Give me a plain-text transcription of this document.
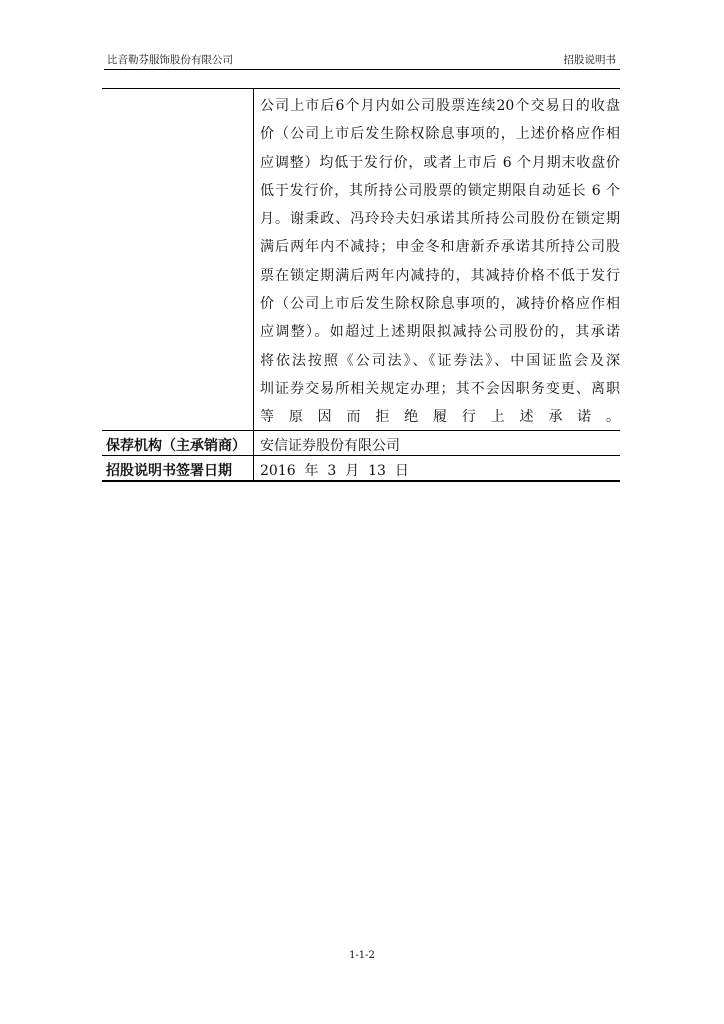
比音勒芬服饰股份有限公司	招股说明书
公司上市后6个月内如公司股票连续20个交易日的收盘
价（公司上市后发生除权除息事项的，上述价格应作相
应调整）均低于发行价，或者上市后 6 个月期末收盘价
低于发行价，其所持公司股票的锁定期限自动延长 6 个
月。谢秉政、冯玲玲夫妇承诺其所持公司股份在锁定期
满后两年内不减持；申金冬和唐新乔承诺其所持公司股
票在锁定期满后两年内减持的，其减持价格不低于发行
价（公司上市后发生除权除息事项的，减持价格应作相
应调整）。如超过上述期限拟减持公司股份的，其承诺
将依法按照《公司法》、《证券法》、中国证监会及深
圳证券交易所相关规定办理；其不会因职务变更、离职
等原因而拒绝履行上述承诺。
保荐机构（主承销商）	安信证券股份有限公司
招股说明书签署日期	2016  年  3  月  13  日
1-1-2
